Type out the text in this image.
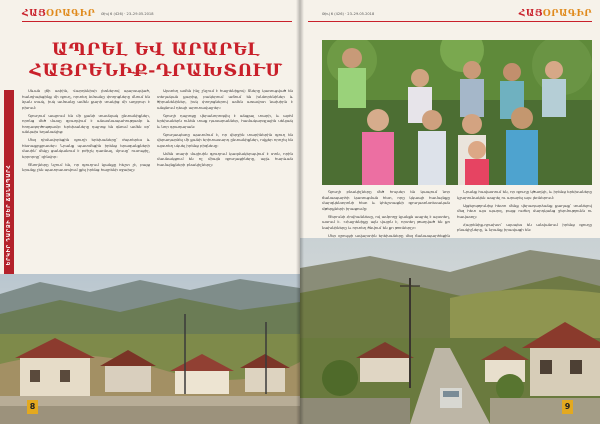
ՀԱՅՕՐԱԳԻՐ Թիվ 6 (426) · 23–29.05.2018
ԵՐԿԻՐ ԴԱՐՁԻ ՄԵՐ ՃԱՆԱՊԱՐՀ
ԱՊՐԵԼ ԵՎ ԱՐԱՐԵԼ
ՀԱՅՐԵՆԻՔ-ԴՐԱԽՏՈՒՄ

Սևան լճի ափին, Վարդենիսի լեռներով պարսպված, հանդիպեցինք մի գյուղ, որտեղ ձմռանը փողոցները մնում են ձյան տակ, իսկ ամռանը ամեն քարի տակից մի աղբյուր է բխում։

Գյուղում ապրում են մի քանի տասնյակ ընտանիքներ, որոնց մեծ մասը զբաղվում է անասնապահությամբ և հողագործությամբ։ Երեխաները դպրոց են գնում ամեն օր՝ անկախ եղանակից։

Մեզ դիմավորեցին գյուղի երեխաները՝ ժպտերես և հետաքրքրասեր։ Նրանք պատմեցին իրենց երազանքների մասին՝ մեկը ցանկանում է բժիշկ դառնալ, մյուսը՝ ուսուցիչ, երրորդը՝ զինվոր։

Ծնողները նշում են, որ գյուղում կյանքը հեշտ չէ, բայց նրանք չեն պատրաստվում լքել իրենց հայրենի օջախը։

Այստեղ ամեն ինչ շնչում է հայրենիքով։ Տները կառուցված են տեղական քարից, բակերում աճում են խնձորենիներ և ծիրանենիներ, իսկ փողոցներով ամեն առավոտ նախիրն է անցնում դեպի արոտավայրեր։

Գյուղի դպրոցը վերանորոգվել է անցյալ տարի, և այժմ երեխաներն ունեն տաք դասարաններ, համակարգչային սենյակ և նոր գրադարան։

Գյուղապետը պատմում է, որ վերջին տարիներին գյուղ են վերադարձել մի քանի երիտասարդ ընտանիքներ, ովքեր որոշել են այստեղ սկսել իրենց բիզնեսը։

Ամեն տարի մայիսին գյուղում կազմակերպվում է տոն, որին մասնակցում են ոչ միայն գյուղացիները, այլև հարևան համայնքների բնակիչները։

8
Թիվ 6 (426) · 23–29.05.2018	ՀԱՅՕՐԱԳԻՐ

Գյուղի բնակիչները մեծ հույսեր են կապում նոր ճանապարհի կառուցման հետ, որը կկապի համայնքը մարզկենտրոնի հետ և կհեշտացնի գյուղատնտեսական մթերքների իրացումը։

Ծերունի Հովհաննեսը, ով ամբողջ կյանքն ապրել է այստեղ, ասում է. «Հայրենիքը այն վայրն է, որտեղ թաղված են քո նախնիները և որտեղ ծնվում են քո թոռները»։

Մեր զրույցի ավարտին երեխաները մեզ ճանապարհեցին

Նրանք հավատում են, որ գյուղը կծաղկի, և իրենց երեխաները կշարունակեն ապրել ու արարել այս լեռներում։

Այցելությունից հետո մենք վերադարձանք քաղաք՝ տանելով մեզ հետ այս պարզ, բայց ուժեղ մարդկանց ջերմությունն ու հավատը։

Հայրենիք-դրախտ՝ այսպես են անվանում իրենց գյուղը բնակիչները, և նրանք իրավացի են։

9
